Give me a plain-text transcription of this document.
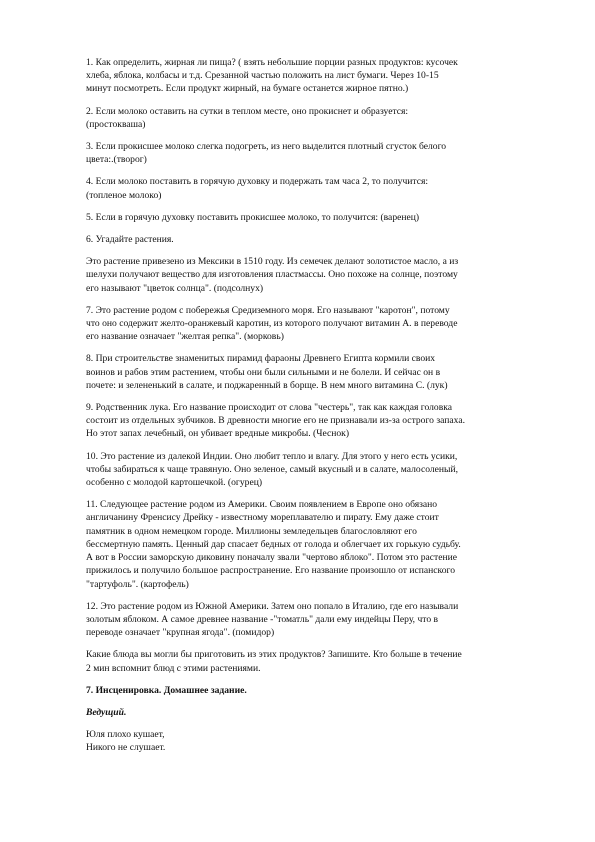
1. Как определить, жирная ли пища? ( взять небольшие порции разных продуктов: кусочек
хлеба, яблока, колбасы и т.д. Срезанной частью положить на лист бумаги. Через 10-15
минут посмотреть. Если продукт жирный, на бумаге останется жирное пятно.)
2. Если молоко оставить на сутки в теплом месте, оно прокиснет и образуется:
(простокваша)
3. Если прокисшее молоко слегка подогреть, из него выделится плотный сгусток белого
цвета:.(творог)
4. Если молоко поставить в горячую духовку и подержать там часа 2, то получится:
(топленое молоко)
5. Если в горячую духовку поставить прокисшее молоко, то получится: (варенец)
6. Угадайте растения.
Это растение привезено из Мексики в 1510 году. Из семечек делают золотистое масло, а из
шелухи получают вещество для изготовления пластмассы. Оно похоже на солнце, поэтому
его называют "цветок солнца". (подсолнух)
7. Это растение родом с побережья Средиземного моря. Его называют "каротон", потому
что оно содержит желто-оранжевый каротин, из которого получают витамин А. в переводе
его название означает "желтая репка". (морковь)
8. При строительстве знаменитых пирамид фараоны Древнего Египта кормили своих
воинов и рабов этим растением, чтобы они были сильными и не болели. И сейчас он в
почете: и зелененький в салате, и поджаренный в борще. В нем много витамина С. (лук)
9. Родственник лука. Его название происходит от слова "честерь", так как каждая головка
состоит из отдельных зубчиков. В древности многие его не признавали из-за острого запаха.
Но этот запах лечебный, он убивает вредные микробы. (Чеснок)
10. Это растение из далекой Индии. Оно любит тепло и влагу. Для этого у него есть усики,
чтобы забираться к чаще травяную. Оно зеленое, самый вкусный и в салате, малосоленый,
особенно с молодой картошечкой. (огурец)
11. Следующее растение родом из Америки. Своим появлением в Европе оно обязано
англичанину Френсису Дрейку - известному мореплавателю и пирату. Ему даже стоит
памятник в одном немецком городе. Миллионы земледельцев благословляют его
бессмертную память. Ценный дар спасает бедных от голода и облегчает их горькую судьбу.
А вот в России заморскую диковину поначалу звали "чертово яблоко". Потом это растение
прижилось и получило большое распространение. Его название произошло от испанского
"тартуфоль". (картофель)
12. Это растение родом из Южной Америки. Затем оно попало в Италию, где его называли
золотым яблоком. А самое древнее название -"томатль" дали ему индейцы Перу, что в
переводе означает "крупная ягода". (помидор)
Какие блюда вы могли бы приготовить из этих продуктов? Запишите. Кто больше в течение
2 мин вспомнит блюд с этими растениями.
7. Инсценировка. Домашнее задание.
Ведущий.
Юля плохо кушает,
Никого не слушает.
